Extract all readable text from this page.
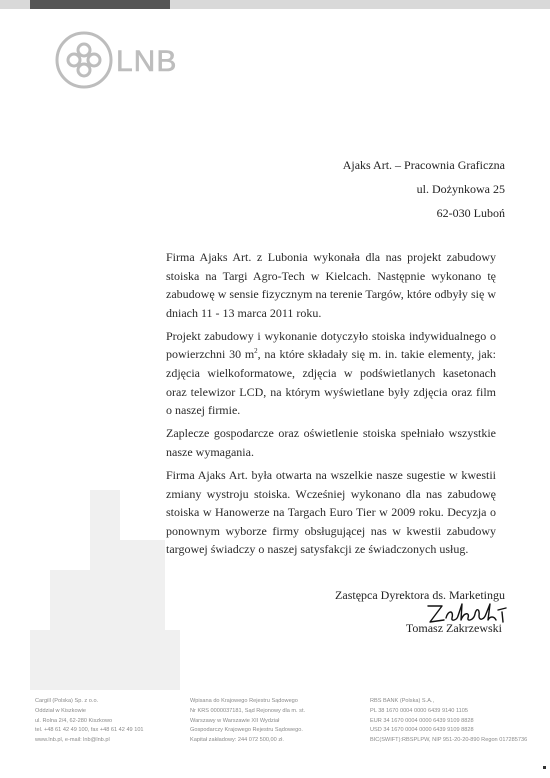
LNB
Ajaks Art. – Pracownia Graficzna
ul. Dożynkowa 25
62-030 Luboń

Firma Ajaks Art. z Lubonia wykonała dla nas projekt zabudowy stoiska na Targi Agro-Tech w Kielcach. Następnie wykonano tę zabudowę w sensie fizycznym na terenie Targów, które odbyły się w dniach 11 - 13 marca 2011 roku.

Projekt zabudowy i wykonanie dotyczyło stoiska indywidualnego o powierzchni 30 $m^2$, na które składały się m. in. takie elementy, jak: zdjęcia wielkoformatowe, zdjęcia w podświetlanych kasetonach oraz telewizor LCD, na którym wyświetlane były zdjęcia oraz film o naszej firmie.

Zaplecze gospodarcze oraz oświetlenie stoiska spełniało wszystkie nasze wymagania.

Firma Ajaks Art. była otwarta na wszelkie nasze sugestie w kwestii zmiany wystroju stoiska. Wcześniej wykonano dla nas zabudowę stoiska w Hanowerze na Targach Euro Tier w 2009 roku. Decyzja o ponownym wyborze firmy obsługującej nas w kwestii zabudowy targowej świadczy o naszej satysfakcji ze świadczonych usług.

Zastępca Dyrektora ds. Marketingu
Tomasz Zakrzewski
Cargill (Polska) Sp. z o.o.
Oddział w Kiszkowie
ul. Rolna 2/4, 62-280 Kiszkowo
tel. +48 61 42 49 100, fax +48 61 42 49 101
www.lnb.pl, e-mail: lnb@lnb.pl
Wpisana do Krajowego Rejestru Sądowego
Nr KRS 0000037181, Sąd Rejonowy dla m. st.
Warszawy w Warszawie XII Wydział
Gospodarczy Krajowego Rejestru Sądowego.
Kapitał zakładowy: 244 072 500,00 zł.
RBS BANK (Polska) S.A.,
PL 38 1670 0004 0000 6439 9140 1105
EUR 34 1670 0004 0000 6439 9109 8828
USD 34 1670 0004 0000 6439 9109 8828
BIC(SWIFT):RBSPLPW, NIP 951-20-20-890 Regon 017285736
